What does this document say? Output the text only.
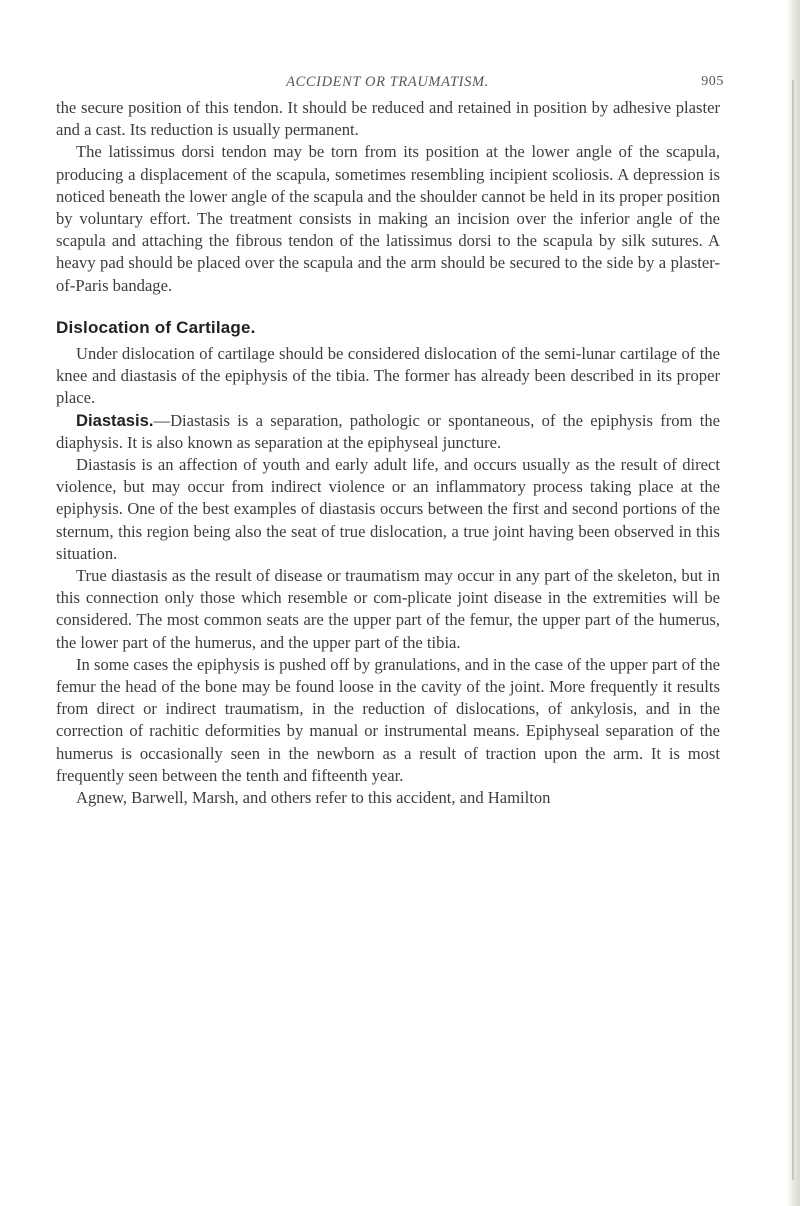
ACCIDENT OR TRAUMATISM.	905

the secure position of this tendon. It should be reduced and retained in position by adhesive plaster and a cast. Its reduction is usually permanent.

The latissimus dorsi tendon may be torn from its position at the lower angle of the scapula, producing a displacement of the scapula, sometimes resembling incipient scoliosis. A depression is noticed beneath the lower angle of the scapula and the shoulder cannot be held in its proper position by voluntary effort. The treatment consists in making an incision over the inferior angle of the scapula and attaching the fibrous tendon of the latissimus dorsi to the scapula by silk sutures. A heavy pad should be placed over the scapula and the arm should be secured to the side by a plaster-of-Paris bandage.

Dislocation of Cartilage.

Under dislocation of cartilage should be considered dislocation of the semi-lunar cartilage of the knee and diastasis of the epiphysis of the tibia. The former has already been described in its proper place.

Diastasis.—Diastasis is a separation, pathologic or spontaneous, of the epiphysis from the diaphysis. It is also known as separation at the epiphyseal juncture.

Diastasis is an affection of youth and early adult life, and occurs usually as the result of direct violence, but may occur from indirect violence or an inflammatory process taking place at the epiphysis. One of the best examples of diastasis occurs between the first and second portions of the sternum, this region being also the seat of true dislocation, a true joint having been observed in this situation.

True diastasis as the result of disease or traumatism may occur in any part of the skeleton, but in this connection only those which resemble or com-plicate joint disease in the extremities will be considered. The most common seats are the upper part of the femur, the upper part of the humerus, the lower part of the humerus, and the upper part of the tibia.

In some cases the epiphysis is pushed off by granulations, and in the case of the upper part of the femur the head of the bone may be found loose in the cavity of the joint. More frequently it results from direct or indirect traumatism, in the reduction of dislocations, of ankylosis, and in the correction of rachitic deformities by manual or instrumental means. Epiphyseal separation of the humerus is occasionally seen in the newborn as a result of traction upon the arm. It is most frequently seen between the tenth and fifteenth year.

Agnew, Barwell, Marsh, and others refer to this accident, and Hamilton
